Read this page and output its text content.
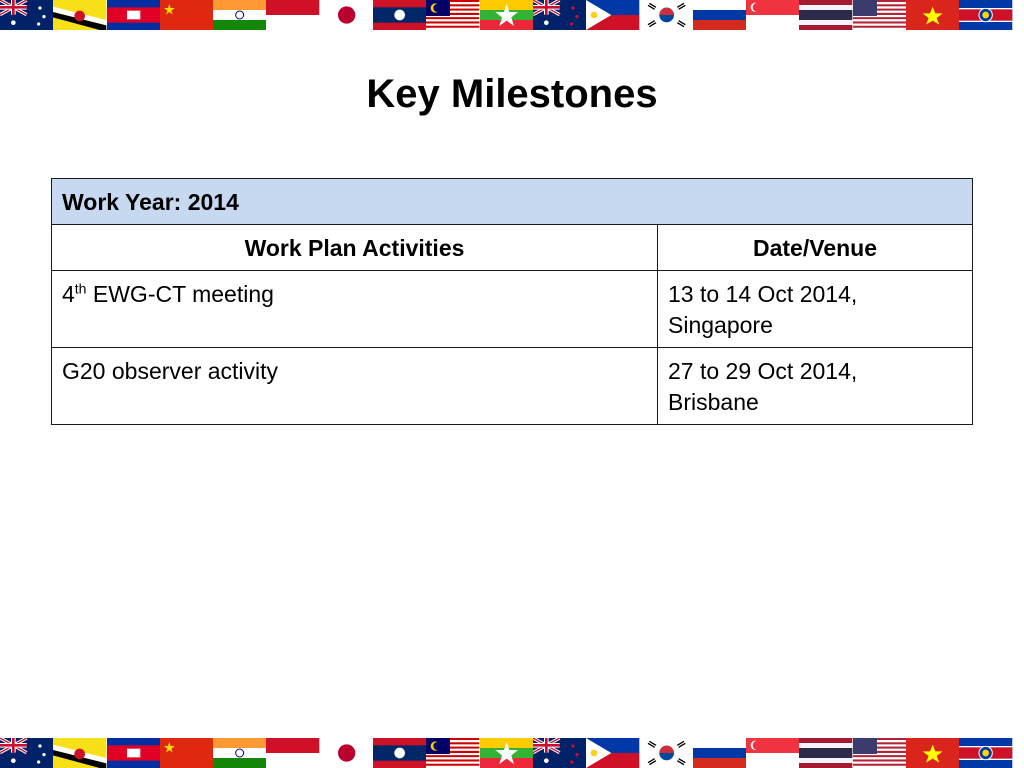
Key Milestones
Work Year: 2014	
Work Plan Activities	Date/Venue
4th EWG-CT meeting	13 to 14 Oct 2014,
Singapore
G20 observer activity	27 to 29 Oct 2014,
Brisbane
